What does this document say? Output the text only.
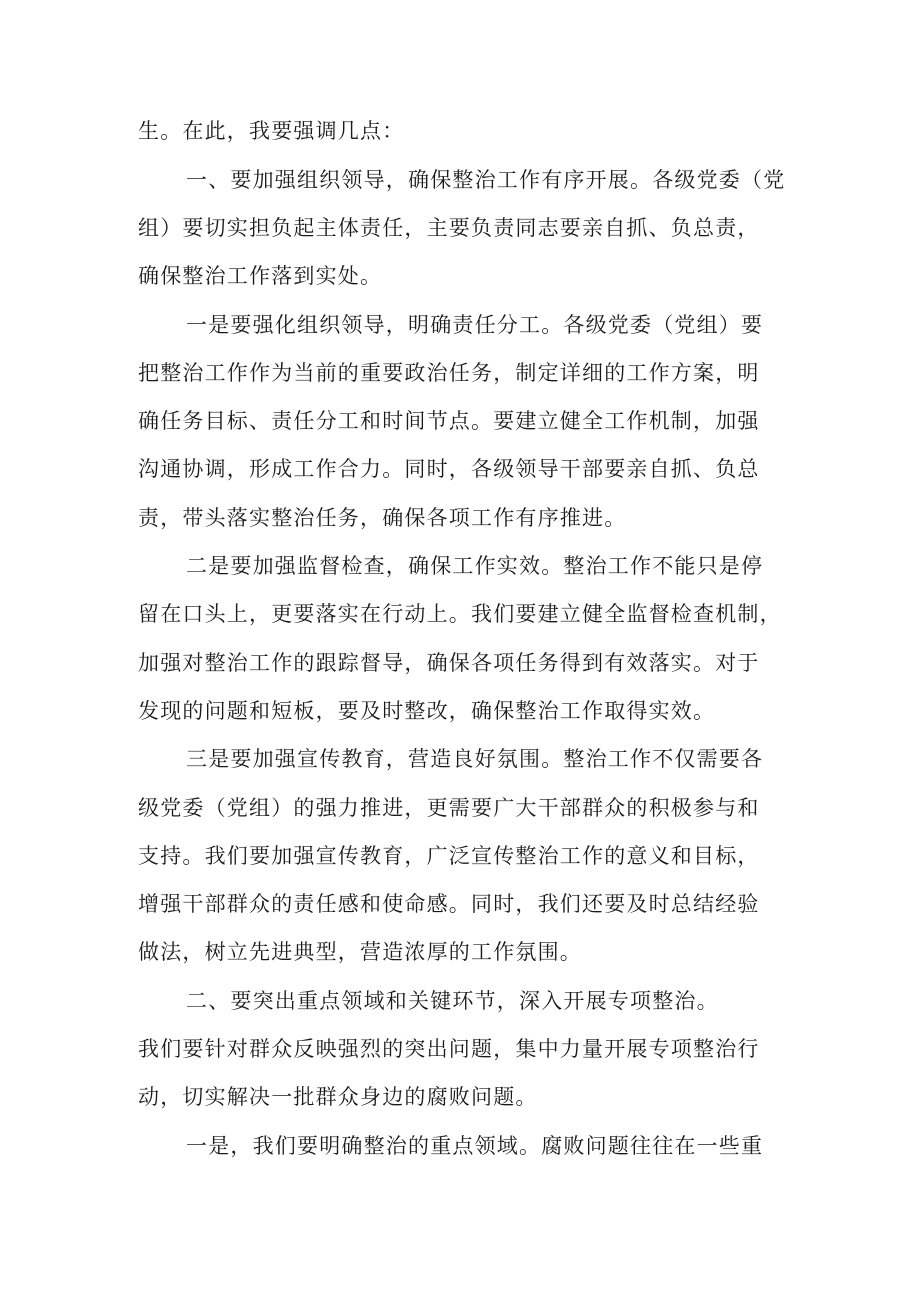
生。在此，我要强调几点：
一、要加强组织领导，确保整治工作有序开展。各级党委（党
组）要切实担负起主体责任，主要负责同志要亲自抓、负总责，
确保整治工作落到实处。
一是要强化组织领导，明确责任分工。各级党委（党组）要
把整治工作作为当前的重要政治任务，制定详细的工作方案，明
确任务目标、责任分工和时间节点。要建立健全工作机制，加强
沟通协调，形成工作合力。同时，各级领导干部要亲自抓、负总
责，带头落实整治任务，确保各项工作有序推进。
二是要加强监督检查，确保工作实效。整治工作不能只是停
留在口头上，更要落实在行动上。我们要建立健全监督检查机制，
加强对整治工作的跟踪督导，确保各项任务得到有效落实。对于
发现的问题和短板，要及时整改，确保整治工作取得实效。
三是要加强宣传教育，营造良好氛围。整治工作不仅需要各
级党委（党组）的强力推进，更需要广大干部群众的积极参与和
支持。我们要加强宣传教育，广泛宣传整治工作的意义和目标，
增强干部群众的责任感和使命感。同时，我们还要及时总结经验
做法，树立先进典型，营造浓厚的工作氛围。
二、要突出重点领域和关键环节，深入开展专项整治。
我们要针对群众反映强烈的突出问题，集中力量开展专项整治行
动，切实解决一批群众身边的腐败问题。
一是，我们要明确整治的重点领域。腐败问题往往在一些重
